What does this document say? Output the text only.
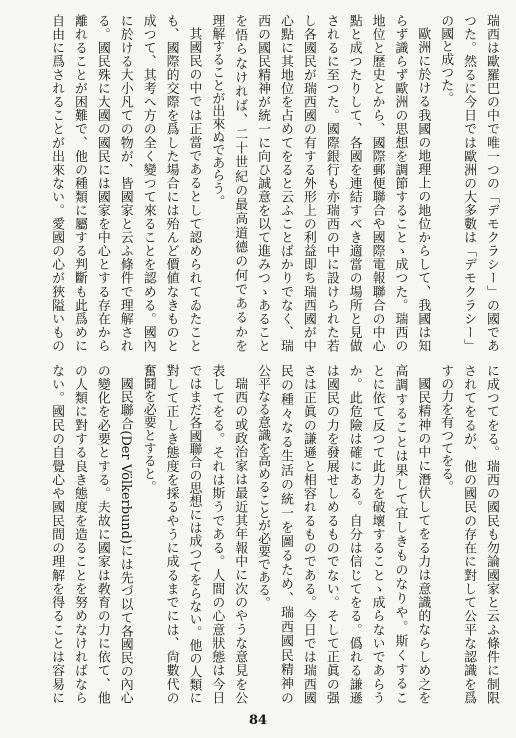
瑞西は歐羅巴の中で唯一つの「デモクラシー」の國であ
つた。然るに今日では歐洲の大多數は「デモクラシー」
の國と成つた。
歐洲に於ける我國の地理上の地位からして、我國は知
らず識らず歐洲の思想を調節することゝ成つた。瑞西の
地位と歷史とから、國際郵便聯合や國際電報聯合の中心
點と成つたりして、各國を連結すべき適當の場所と見做
されるに至つた。國際銀行も亦瑞西の中に設けられた若
し各國民が瑞西國の有する外形上の利益即ち瑞西國が中
心點に其地位を占めてをると云ふことばかりでなく、瑞
西の國民精神が統一に向ひ誠意を以て進みつゝあること
を悟らなければ、二十世紀の最高道德の何であるかを
理解することが出來ぬであらう。
其國民の中では正當であるとして認められてゐたこと
も、國際的交際を爲した場合には殆んど價値なきものと
成つて、其考へ方の全く變つて來ることを認める。國內
に於ける大小凡ての物が、皆國家と云ふ條件で理解され
る。國民殊に大國の國民には國家を中心とする存在から
離れることが困難で、他の種類に屬する判斷も此爲めに
自由に爲されることが出來ない。愛國の心が狹隘いもの
に成つてをる。瑞西の國民も勿論國家と云ふ條件に制限
されてをるが、他の國民の存在に對して公平な認識を爲
すの力を有つてをる。
國民精神の中に潛伏してをる力は意識的ならしめ之を
高調することは果して宜しきものなりや。斯くするこ
とに依て反つて此力を破壞することゝ成らないであらう
か。此危險は確にある。自分は信じてをる。僞れる謙遜
は國民の力を發展せしめるものでない。そして正眞の强
さは正眞の謙遜と相容れるものである。今日では瑞西國
民の種々なる生活の統一を圖るため、瑞西國民精神の
公平なる意識を高めることが必要である。
瑞西の或政治家は最近其年報中に次のやうな意見を公
表してをる。それは斯うである。人間の心意狀態は今日
ではまだ各國聯合の思想には成つてをらない。他の人類に
對して正しき態度を採るやうに成るまでには、尙數代の
奮鬪を必要とすると。
國民聯合(Der Völkerbund)には先づ以て各國民の內心
の變化を必要とする。夫故に國家は敎育の力に依て、他
の人類に對する良き態度を造ることを努めなければなら
ない。國民の自覺心や國民間の理解を得ることは容易に
84
